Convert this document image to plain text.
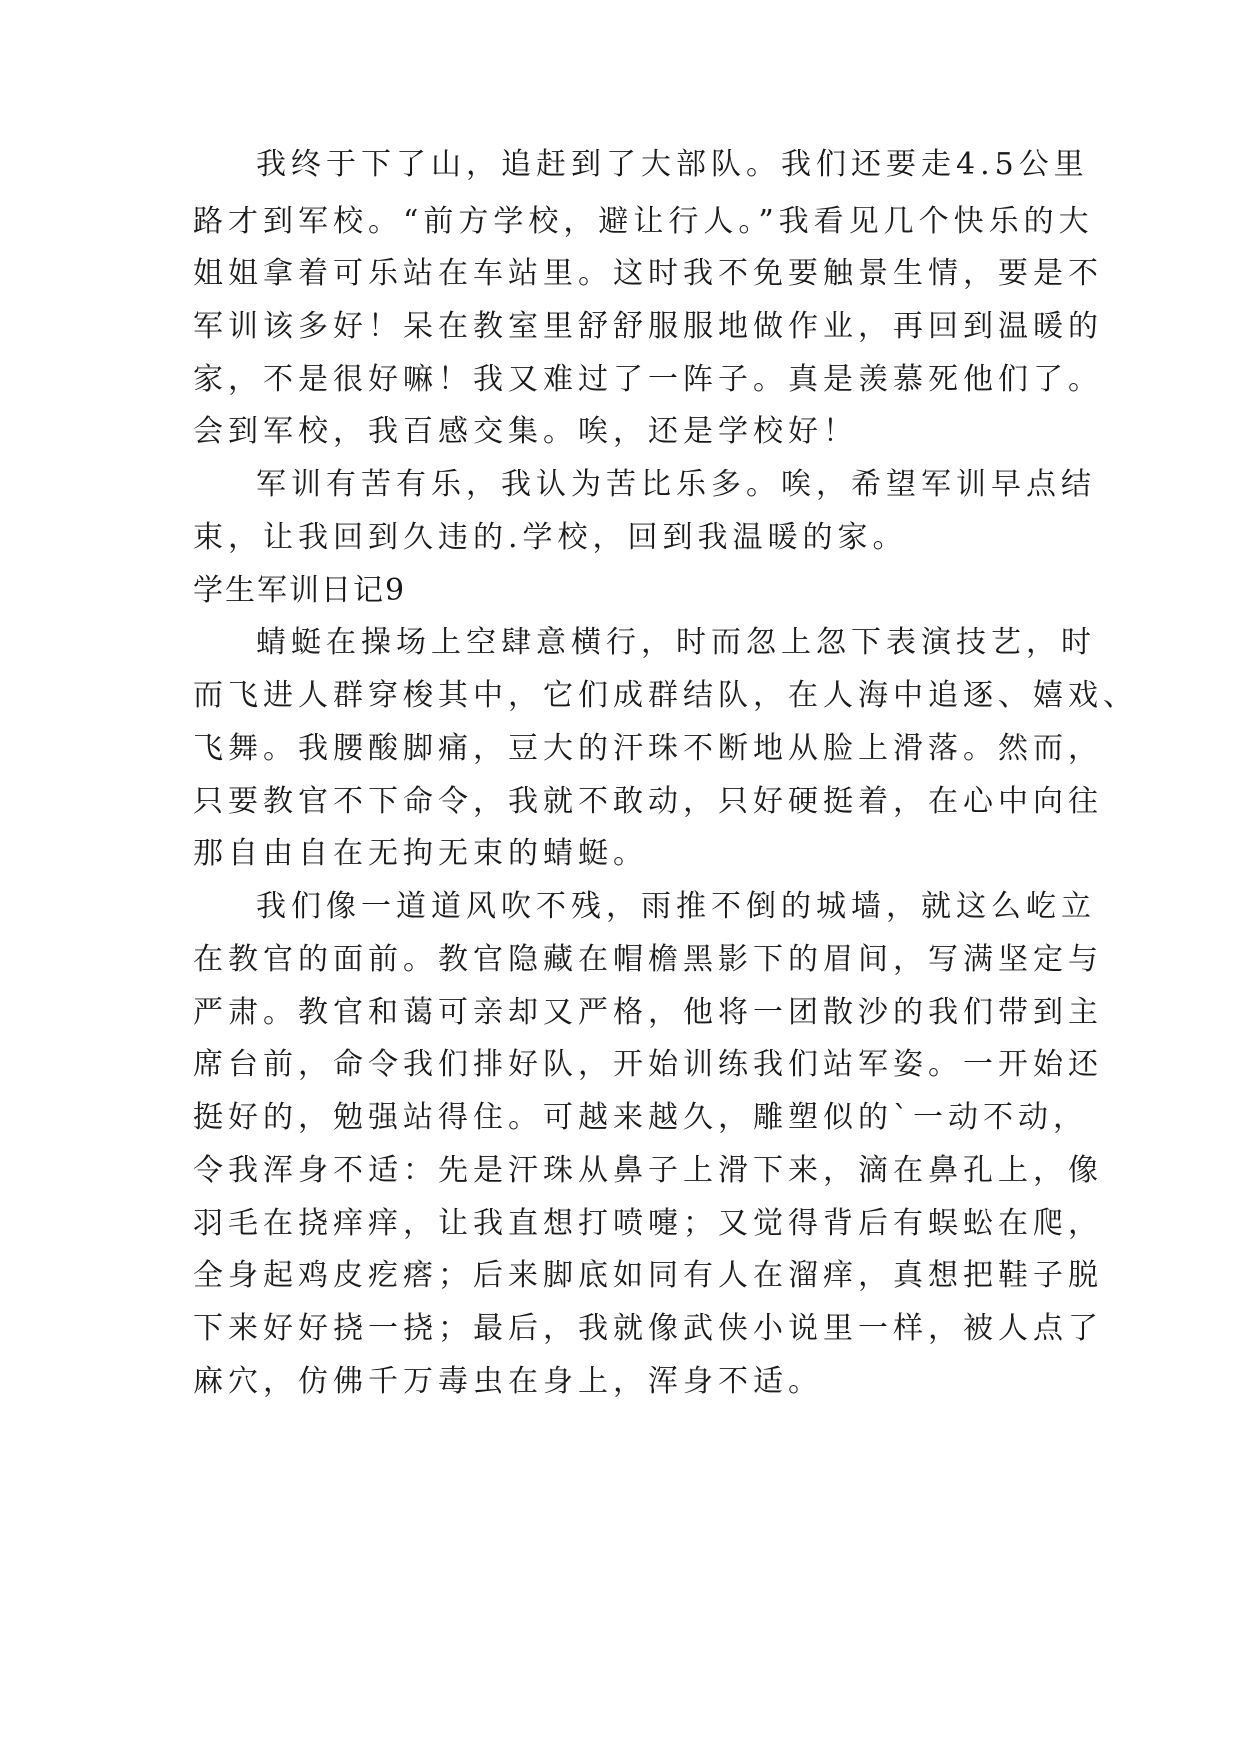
我终于下了山，追赶到了大部队。我们还要走4.5公里
路才到军校。“前方学校，避让行人。”我看见几个快乐的大
姐姐拿着可乐站在车站里。这时我不免要触景生情，要是不
军训该多好！呆在教室里舒舒服服地做作业，再回到温暖的
家，不是很好嘛！我又难过了一阵子。真是羡慕死他们了。
会到军校，我百感交集。唉，还是学校好！
军训有苦有乐，我认为苦比乐多。唉，希望军训早点结
束，让我回到久违的.学校，回到我温暖的家。
学生军训日记9
蜻蜓在操场上空肆意横行，时而忽上忽下表演技艺，时
而飞进人群穿梭其中，它们成群结队，在人海中追逐、嬉戏、
飞舞。我腰酸脚痛，豆大的汗珠不断地从脸上滑落。然而，
只要教官不下命令，我就不敢动，只好硬挺着，在心中向往
那自由自在无拘无束的蜻蜓。
我们像一道道风吹不残，雨推不倒的城墙，就这么屹立
在教官的面前。教官隐藏在帽檐黑影下的眉间，写满坚定与
严肃。教官和蔼可亲却又严格，他将一团散沙的我们带到主
席台前，命令我们排好队，开始训练我们站军姿。一开始还
挺好的，勉强站得住。可越来越久，雕塑似的`一动不动，
令我浑身不适：先是汗珠从鼻子上滑下来，滴在鼻孔上，像
羽毛在挠痒痒，让我直想打喷嚏；又觉得背后有蜈蚣在爬，
全身起鸡皮疙瘩；后来脚底如同有人在溜痒，真想把鞋子脱
下来好好挠一挠；最后，我就像武侠小说里一样，被人点了
麻穴，仿佛千万毒虫在身上，浑身不适。
